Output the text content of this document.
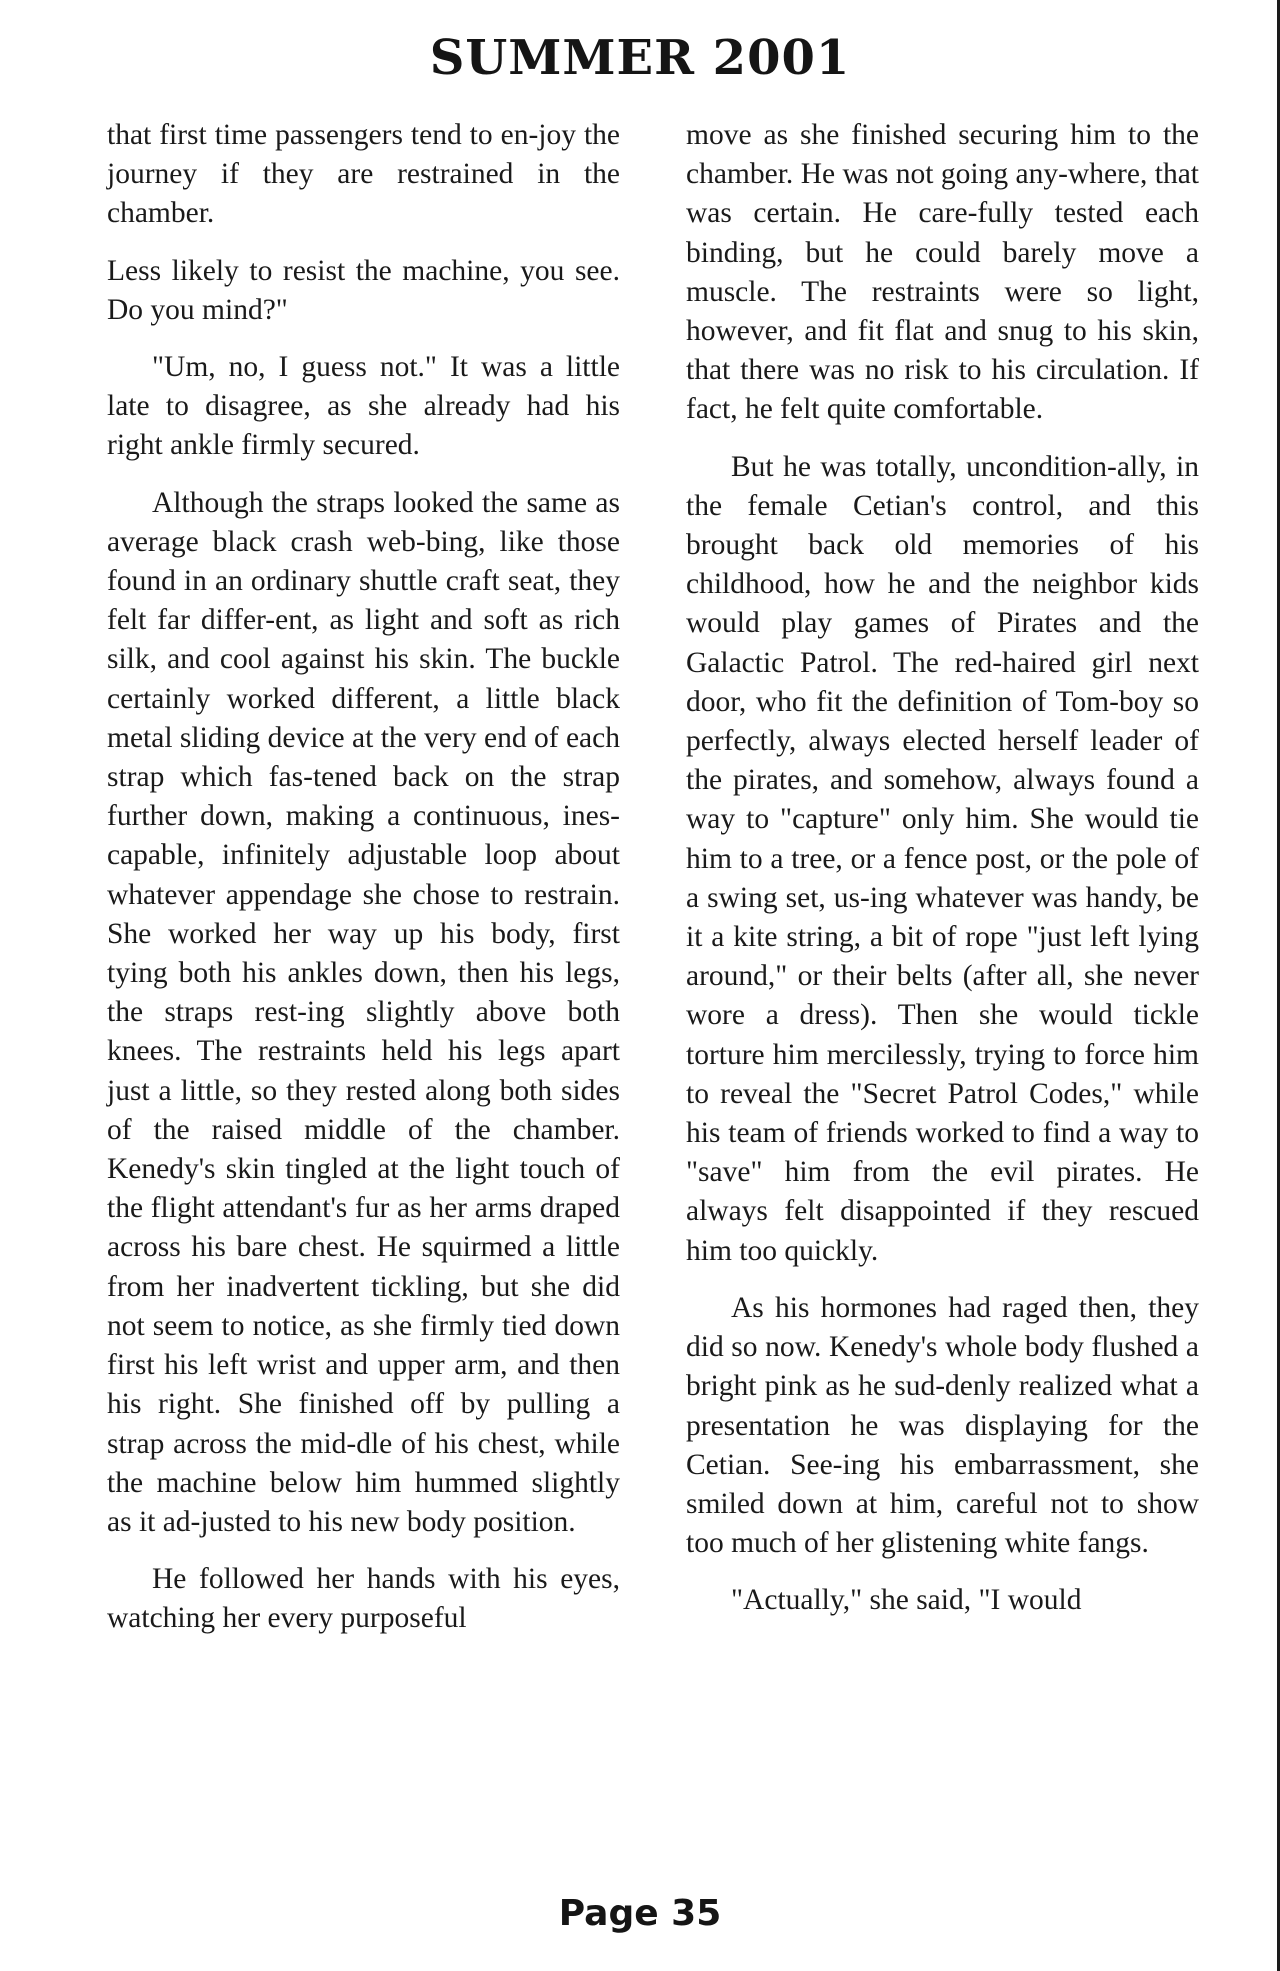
SUMMER 2001

that first time passengers tend to en-joy the journey if they are restrained in the chamber.

Less likely to resist the machine, you see. Do you mind?"

"Um, no, I guess not." It was a little late to disagree, as she already had his right ankle firmly secured.

Although the straps looked the same as average black crash web-bing, like those found in an ordinary shuttle craft seat, they felt far differ-ent, as light and soft as rich silk, and cool against his skin. The buckle certainly worked different, a little black metal sliding device at the very end of each strap which fas-tened back on the strap further down, making a continuous, ines-capable, infinitely adjustable loop about whatever appendage she chose to restrain. She worked her way up his body, first tying both his ankles down, then his legs, the straps rest-ing slightly above both knees. The restraints held his legs apart just a little, so they rested along both sides of the raised middle of the chamber. Kenedy's skin tingled at the light touch of the flight attendant's fur as her arms draped across his bare chest. He squirmed a little from her inadvertent tickling, but she did not seem to notice, as she firmly tied down first his left wrist and upper arm, and then his right. She finished off by pulling a strap across the mid-dle of his chest, while the machine below him hummed slightly as it ad-justed to his new body position.

He followed her hands with his eyes, watching her every purposeful

move as she finished securing him to the chamber. He was not going any-where, that was certain. He care-fully tested each binding, but he could barely move a muscle. The restraints were so light, however, and fit flat and snug to his skin, that there was no risk to his circulation. If fact, he felt quite comfortable.

But he was totally, uncondition-ally, in the female Cetian's control, and this brought back old memories of his childhood, how he and the neighbor kids would play games of Pirates and the Galactic Patrol. The red-haired girl next door, who fit the definition of Tom-boy so perfectly, always elected herself leader of the pirates, and somehow, always found a way to "capture" only him. She would tie him to a tree, or a fence post, or the pole of a swing set, us-ing whatever was handy, be it a kite string, a bit of rope "just left lying around," or their belts (after all, she never wore a dress). Then she would tickle torture him mercilessly, trying to force him to reveal the "Secret Patrol Codes," while his team of friends worked to find a way to "save" him from the evil pirates. He always felt disappointed if they rescued him too quickly.

As his hormones had raged then, they did so now. Kenedy's whole body flushed a bright pink as he sud-denly realized what a presentation he was displaying for the Cetian. See-ing his embarrassment, she smiled down at him, careful not to show too much of her glistening white fangs.

"Actually," she said, "I would

Page 35
